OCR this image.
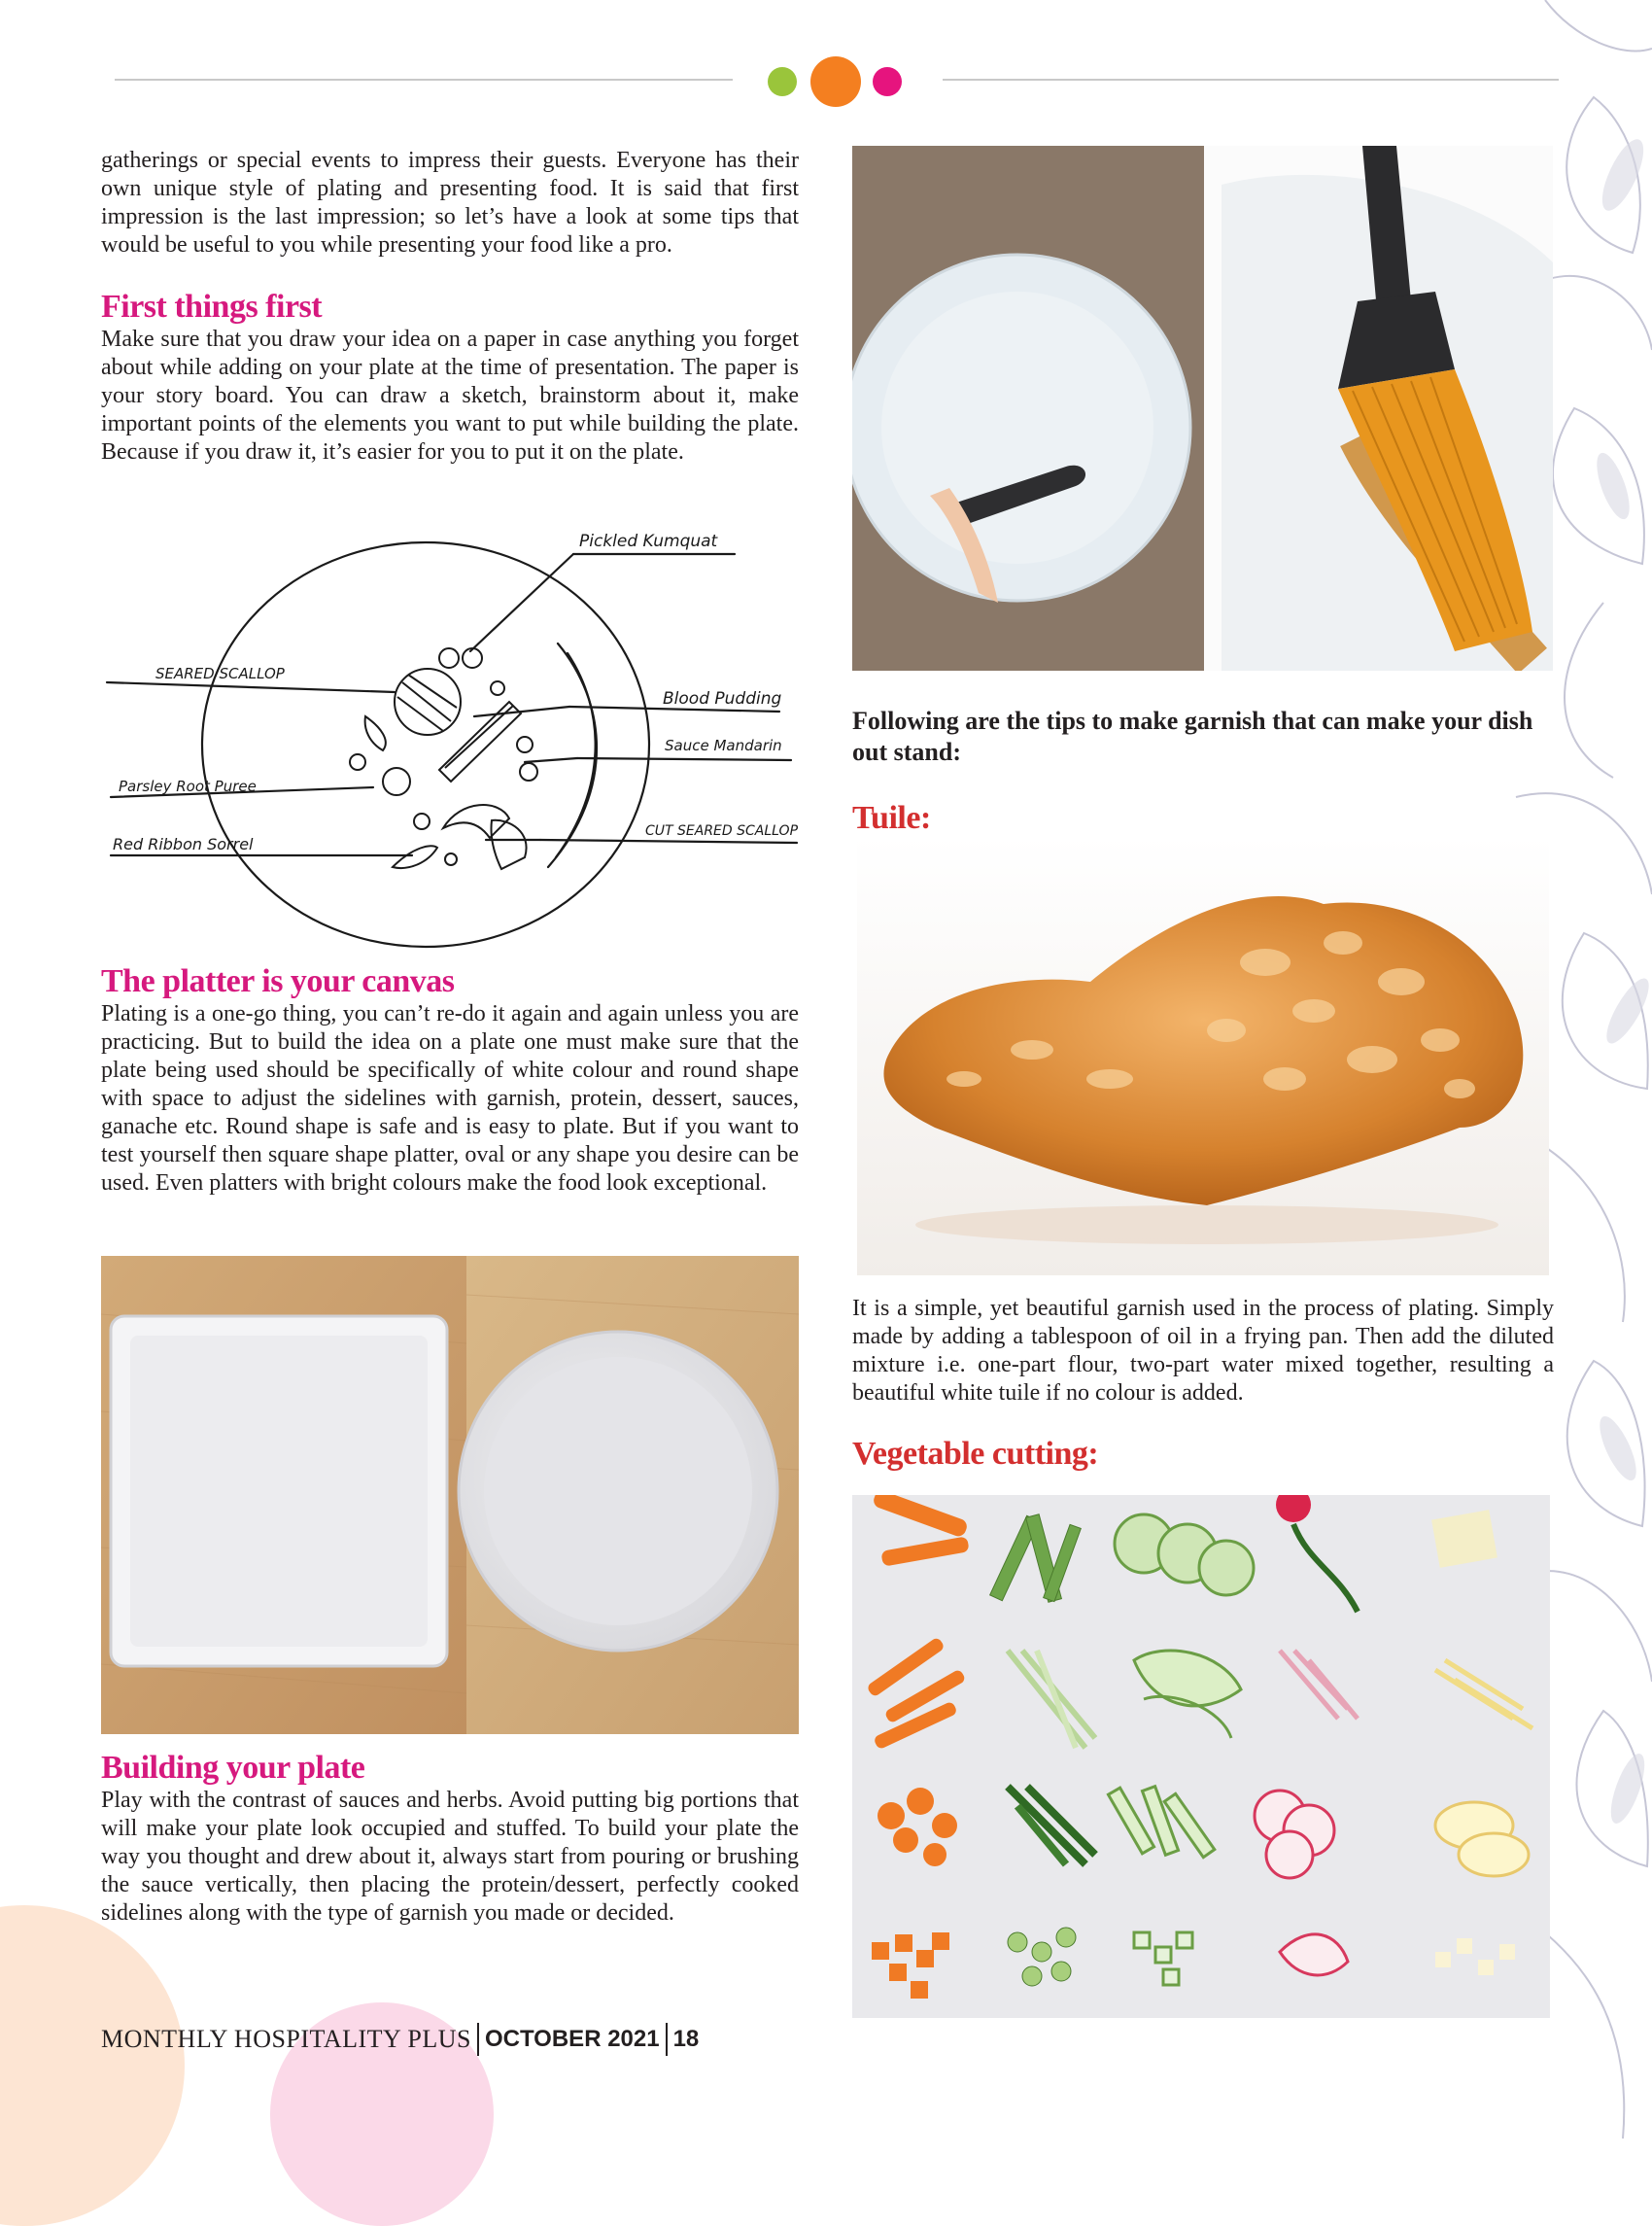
gatherings or special events to impress their guests. Everyone has their own unique style of plating and presenting food. It is said that first impression is the last impression; so let’s have a look at some tips that would be useful to you while presenting your food like a pro.

First things first

Make sure that you draw your idea on a paper in case anything you forget about while adding on your plate at the time of presentation. The paper is your story board. You can draw a sketch, brainstorm about it, make important points of the elements you want to put while building the plate. Because if you draw it, it’s easier for you to put it on the plate.

Pickled Kumquat
SEARED SCALLOP
Blood Pudding
Sauce Mandarin
Parsley Root Puree
Red Ribbon Sorrel
CUT SEARED SCALLOP
The platter is your canvas

Plating is a one-go thing, you can’t re-do it again and again unless you are practicing. But to build the idea on a plate one must make sure that the plate being used should be specifically of white colour and round shape with space to adjust the sidelines with garnish, protein, dessert, sauces, ganache etc. Round shape is safe and is easy to plate. But if you want to test yourself then square shape platter, oval or any shape you desire can be used. Even platters with bright colours make the food look exceptional.

Building your plate

Play with the contrast of sauces and herbs. Avoid putting big portions that will make your plate look occupied and stuffed. To build your plate the way you thought and drew about it, always start from pouring or brushing the sauce vertically, then placing the protein/dessert, perfectly cooked sidelines along with the type of garnish you made or decided.

Following are the tips to make garnish that can make your dish out stand:

Tuile:

It is a simple, yet beautiful garnish used in the process of plating. Simply made by adding a tablespoon of oil in a frying pan. Then add the diluted mixture i.e. one-part flour, two-part water mixed together, resulting a beautiful white tuile if no colour is added.

Vegetable cutting:
MONTHLY HOSPITALITY PLUS OCTOBER 2021 18
